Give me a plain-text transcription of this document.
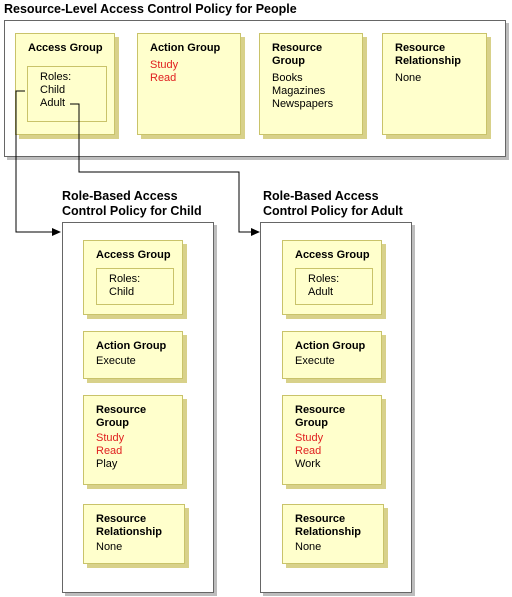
Resource-Level Access Control Policy for People
Access Group
Roles:
Child
Adult
Action Group
Study
Read
Resource
Group
Books
Magazines
Newspapers
Resource
Relationship
None
Role-Based Access
Control Policy for Child
Access Group
Roles:
Child
Action Group
Execute
Resource
Group
Study
Read
Play
Resource
Relationship
None
Role-Based Access
Control Policy for Adult
Access Group
Roles:
Adult
Action Group
Execute
Resource
Group
Study
Read
Work
Resource
Relationship
None
